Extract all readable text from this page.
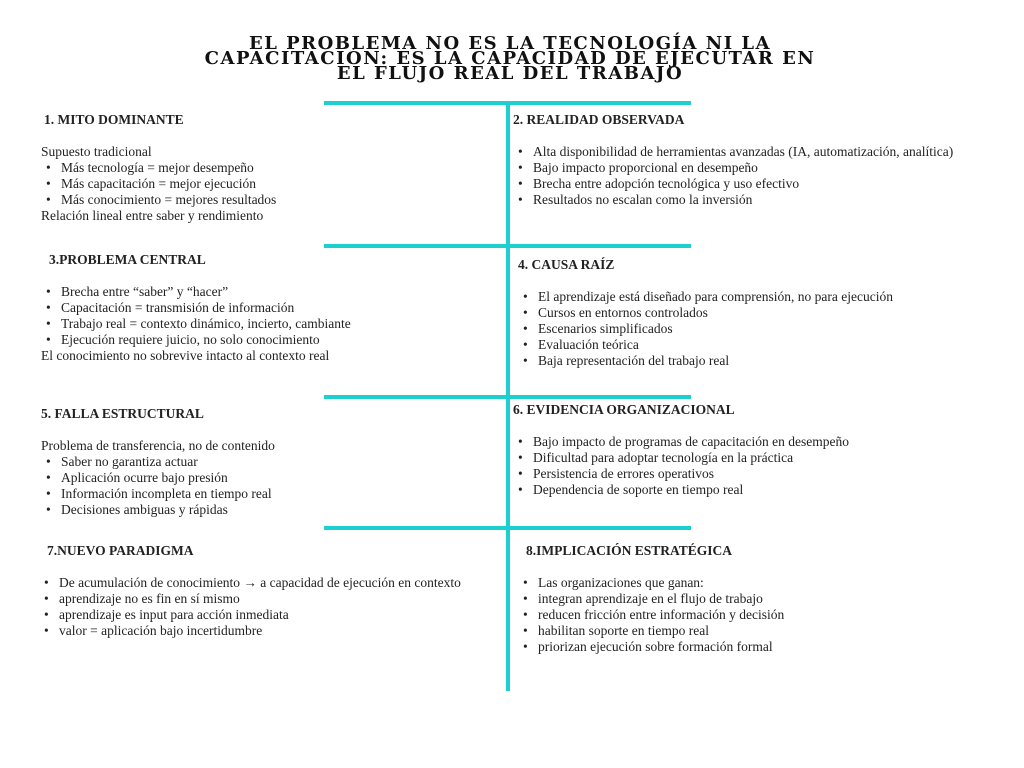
EL PROBLEMA NO ES LA TECNOLOGÍA NI LA
CAPACITACIÓN: ES LA CAPACIDAD DE EJECUTAR EN
EL FLUJO REAL DEL TRABAJO
1. MITO DOMINANTE

Supuesto tradicional

• Más tecnología = mejor desempeño
• Más capacitación = mejor ejecución
• Más conocimiento = mejores resultados

Relación lineal entre saber y rendimiento

2. REALIDAD OBSERVADA
• Alta disponibilidad de herramientas avanzadas (IA, automatización, analítica)
• Bajo impacto proporcional en desempeño
• Brecha entre adopción tecnológica y uso efectivo
• Resultados no escalan como la inversión
3.PROBLEMA CENTRAL
• Brecha entre “saber” y “hacer”
• Capacitación = transmisión de información
• Trabajo real = contexto dinámico, incierto, cambiante
• Ejecución requiere juicio, no solo conocimiento

El conocimiento no sobrevive intacto al contexto real

4. CAUSA RAÍZ
• El aprendizaje está diseñado para comprensión, no para ejecución
• Cursos en entornos controlados
• Escenarios simplificados
• Evaluación teórica
• Baja representación del trabajo real
5. FALLA ESTRUCTURAL

Problema de transferencia, no de contenido

• Saber no garantiza actuar
• Aplicación ocurre bajo presión
• Información incompleta en tiempo real
• Decisiones ambiguas y rápidas
6. EVIDENCIA ORGANIZACIONAL
• Bajo impacto de programas de capacitación en desempeño
• Dificultad para adoptar tecnología en la práctica
• Persistencia de errores operativos
• Dependencia de soporte en tiempo real
7.NUEVO PARADIGMA
• De acumulación de conocimiento → a capacidad de ejecución en contexto
• aprendizaje no es fin en sí mismo
• aprendizaje es input para acción inmediata
• valor = aplicación bajo incertidumbre
8.IMPLICACIÓN ESTRATÉGICA
• Las organizaciones que ganan:
• integran aprendizaje en el flujo de trabajo
• reducen fricción entre información y decisión
• habilitan soporte en tiempo real
• priorizan ejecución sobre formación formal
